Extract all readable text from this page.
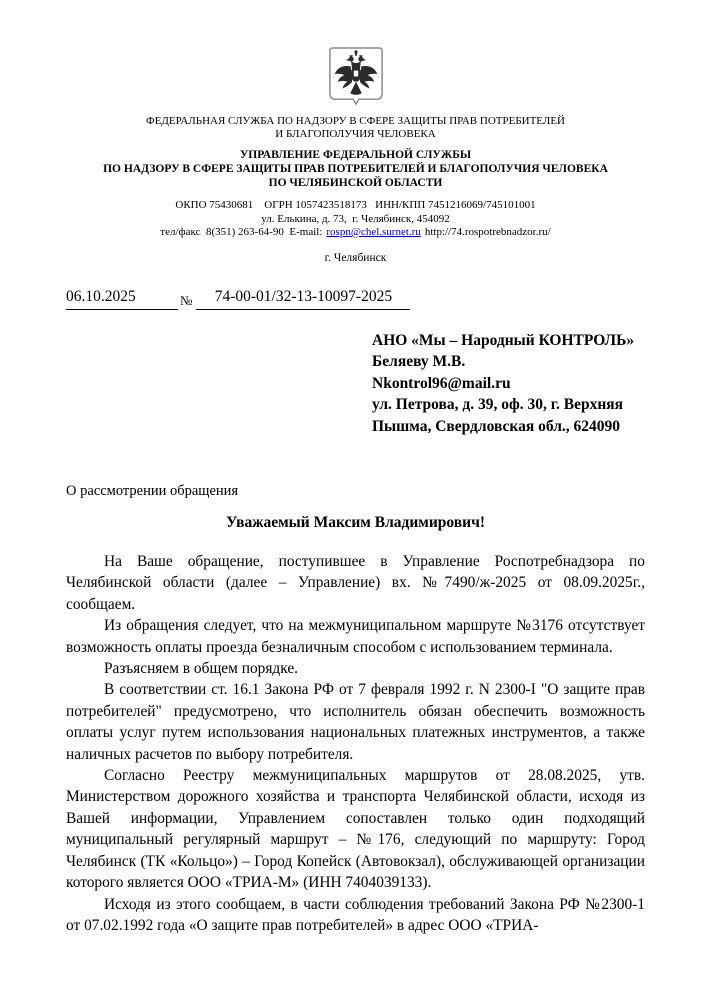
ФЕДЕРАЛЬНАЯ СЛУЖБА ПО НАДЗОРУ В СФЕРЕ ЗАЩИТЫ ПРАВ ПОТРЕБИТЕЛЕЙ
И БЛАГОПОЛУЧИЯ ЧЕЛОВЕКА
УПРАВЛЕНИЕ ФЕДЕРАЛЬНОЙ СЛУЖБЫ
ПО НАДЗОРУ В СФЕРЕ ЗАЩИТЫ ПРАВ ПОТРЕБИТЕЛЕЙ И БЛАГОПОЛУЧИЯ ЧЕЛОВЕКА
ПО ЧЕЛЯБИНСКОЙ ОБЛАСТИ
ОКПО 75430681    ОГРН 1057423518173   ИНН/КПП 7451216069/745101001
ул. Елькина, д. 73,  г. Челябинск, 454092
тел/факс  8(351) 263-64-90  E-mail: rospn@chel.surnet.ru http://74.rospotrebnadzor.ru/
г. Челябинск
06.10.2025	$_№$ 74-00-01/32-13-10097-2025
АНО «Мы – Народный КОНТРОЛЬ»
Беляеву М.В.
Nkontrol96@mail.ru
ул. Петрова, д. 39, оф. 30, г. Верхняя
Пышма, Свердловская обл., 624090
О рассмотрении обращения
Уважаемый Максим Владимирович!

На Ваше обращение, поступившее в Управление Роспотребнадзора по Челябинской области (далее – Управление) вх. №7490/ж-2025 от 08.09.2025г., сообщаем.

Из обращения следует, что на межмуниципальном маршруте №3176 отсутствует возможность оплаты проезда безналичным способом с использованием терминала.

Разъясняем в общем порядке.

В соответствии ст. 16.1 Закона РФ от 7 февраля 1992 г. N 2300-I "О защите прав потребителей" предусмотрено, что исполнитель обязан обеспечить возможность оплаты услуг путем использования национальных платежных инструментов, а также наличных расчетов по выбору потребителя.

Согласно Реестру межмуниципальных маршрутов от 28.08.2025, утв. Министерством дорожного хозяйства и транспорта Челябинской области, исходя из Вашей информации, Управлением сопоставлен только один подходящий муниципальный регулярный маршрут – №176, следующий по маршруту: Город Челябинск (ТК «Кольцо») – Город Копейск (Автовокзал), обслуживающей организации которого является ООО «ТРИА-М» (ИНН 7404039133).

Исходя из этого сообщаем, в части соблюдения требований Закона РФ №2300-1 от 07.02.1992 года «О защите прав потребителей» в адрес ООО «ТРИА-
